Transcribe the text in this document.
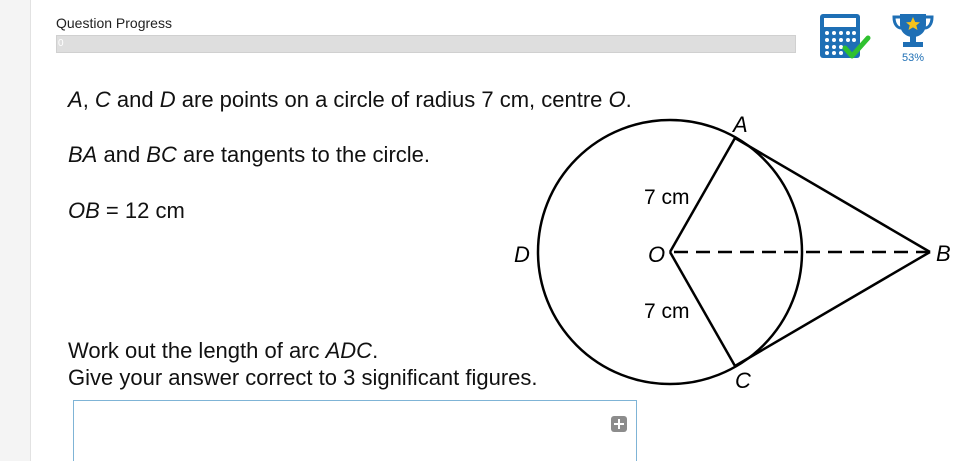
Question Progress
0
53%
A, C and D are points on a circle of radius 7 cm, centre O.
BA and BC are tangents to the circle.
OB = 12 cm
A
B
C
D	O
7 cm
7 cm
Work out the length of arc ADC.
Give your answer correct to 3 significant figures.
